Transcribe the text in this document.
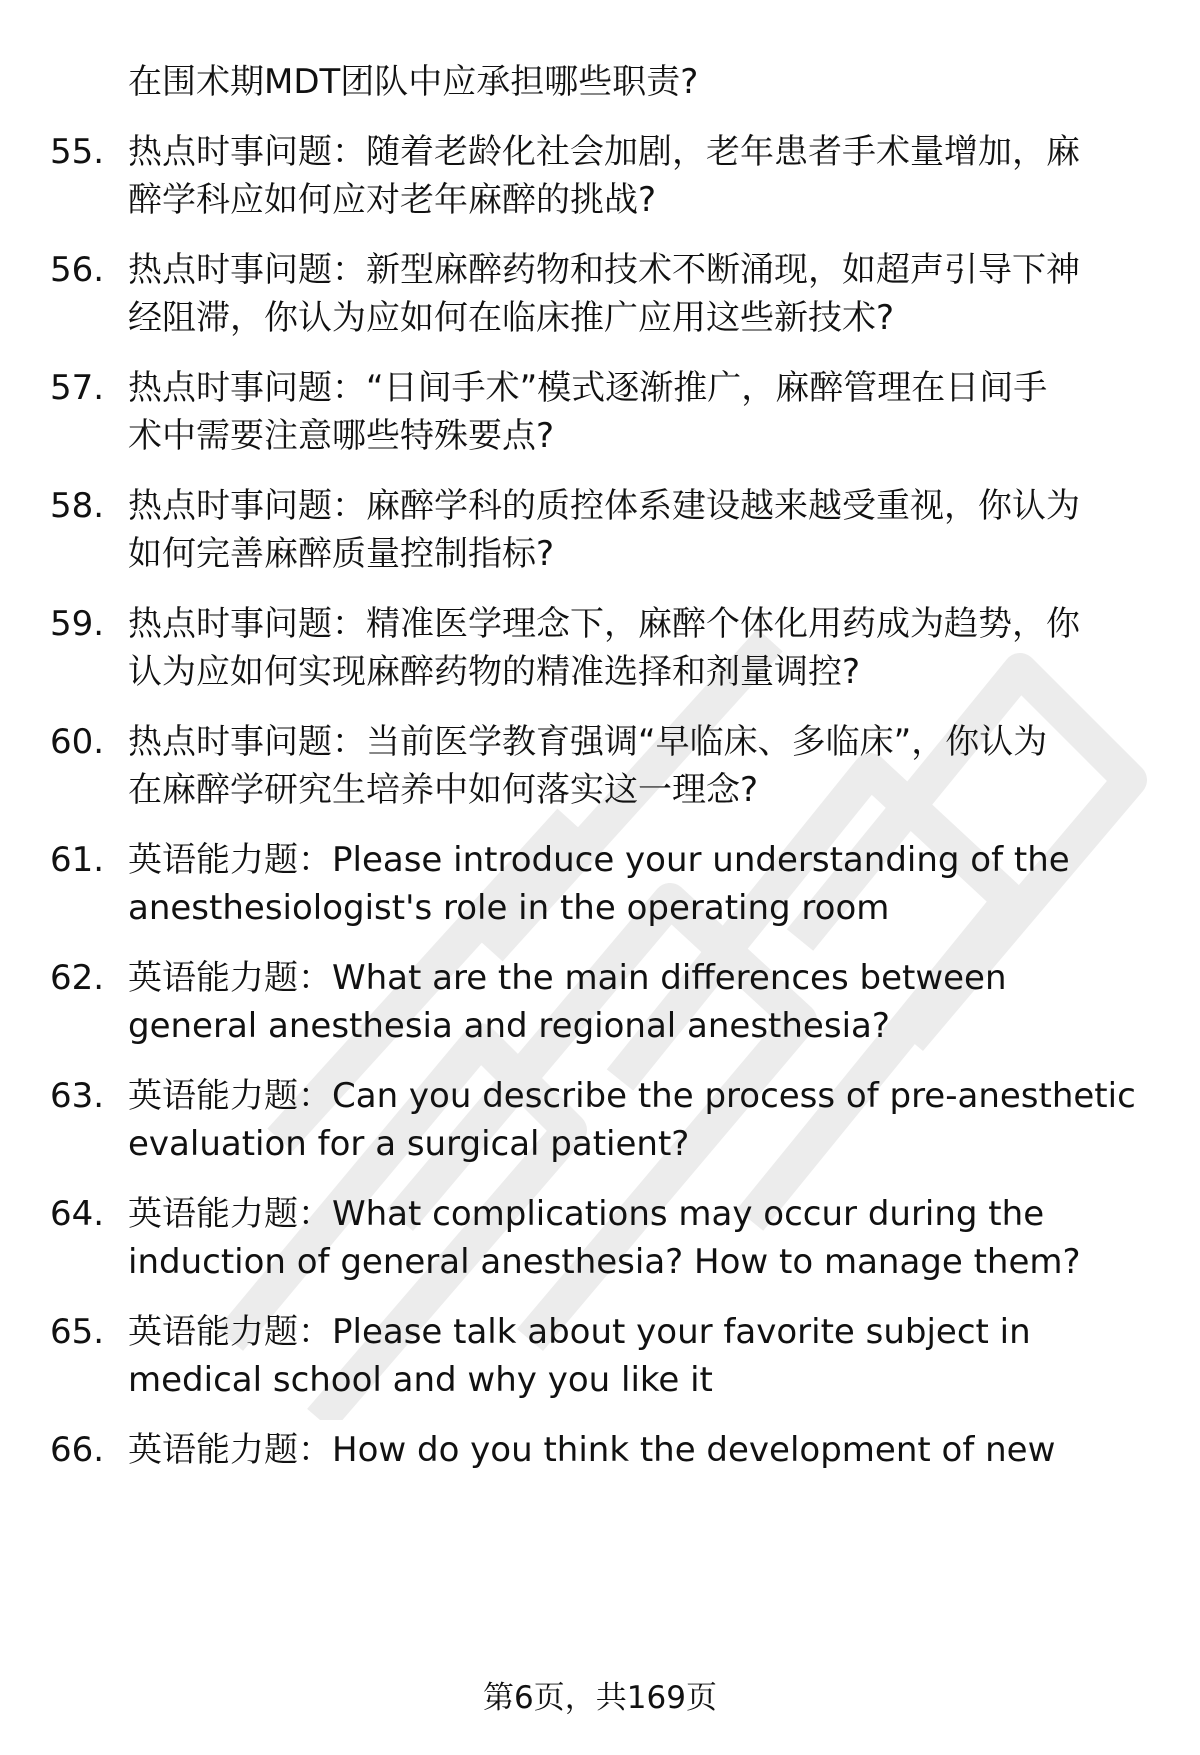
在围术期MDT团队中应承担哪些职责?
55. 热点时事问题：随着老龄化社会加剧，老年患者手术量增加，麻
醉学科应如何应对老年麻醉的挑战?
56. 热点时事问题：新型麻醉药物和技术不断涌现，如超声引导下神
经阻滞，你认为应如何在临床推广应用这些新技术?
57. 热点时事问题：“日间手术”模式逐渐推广，麻醉管理在日间手
术中需要注意哪些特殊要点?
58. 热点时事问题：麻醉学科的质控体系建设越来越受重视，你认为
如何完善麻醉质量控制指标?
59. 热点时事问题：精准医学理念下，麻醉个体化用药成为趋势，你
认为应如何实现麻醉药物的精准选择和剂量调控?
60. 热点时事问题：当前医学教育强调“早临床、多临床”，你认为
在麻醉学研究生培养中如何落实这一理念?
61. 英语能力题：Please introduce your understanding of the
anesthesiologist's role in the operating room
62. 英语能力题：What are the main differences between
general anesthesia and regional anesthesia?
63. 英语能力题：Can you describe the process of pre-anesthetic
evaluation for a surgical patient?
64. 英语能力题：What complications may occur during the
induction of general anesthesia? How to manage them?
65. 英语能力题：Please talk about your favorite subject in
medical school and why you like it
66. 英语能力题：How do you think the development of new
第6页，共169页
